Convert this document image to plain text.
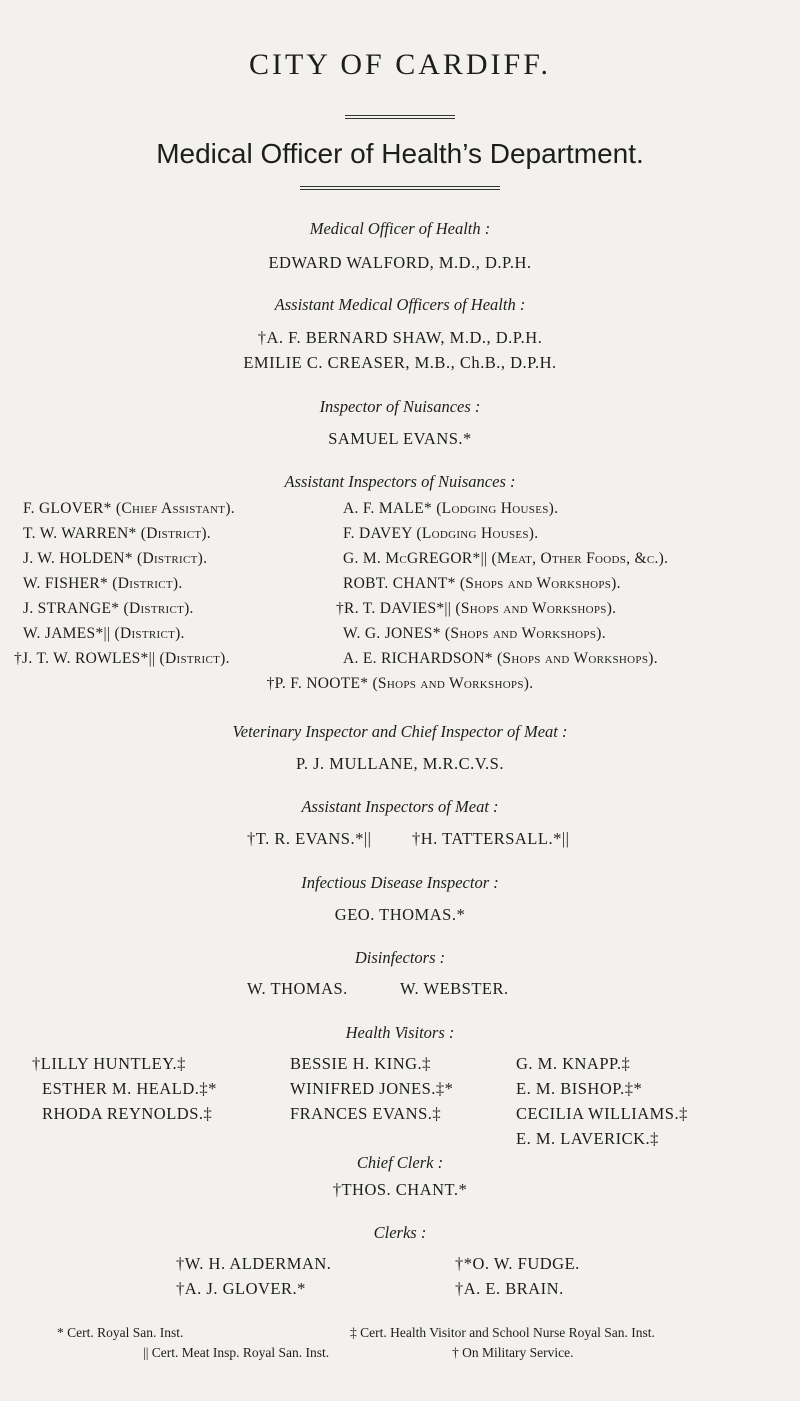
CITY OF CARDIFF.
Medical Officer of Health’s Department.
Medical Officer of Health :
EDWARD WALFORD, M.D., D.P.H.
Assistant Medical Officers of Health :
†A. F. BERNARD SHAW, M.D., D.P.H.
EMILIE C. CREASER, M.B., Ch.B., D.P.H.
Inspector of Nuisances :
SAMUEL EVANS.*
Assistant Inspectors of Nuisances :
F. GLOVER* (Chief Assistant).
T. W. WARREN* (District).
J. W. HOLDEN* (District).
W. FISHER* (District).
J. STRANGE* (District).
W. JAMES*|| (District).
†J. T. W. ROWLES*|| (District).
A. F. MALE* (Lodging Houses).
F. DAVEY (Lodging Houses).
G. M. McGREGOR*|| (Meat, Other Foods, &c.).
ROBT. CHANT* (Shops and Workshops).
†R. T. DAVIES*|| (Shops and Workshops).
W. G. JONES* (Shops and Workshops).
A. E. RICHARDSON* (Shops and Workshops).
†P. F. NOOTE* (Shops and Workshops).
Veterinary Inspector and Chief Inspector of Meat :
P. J. MULLANE, M.R.C.V.S.
Assistant Inspectors of Meat :
†T. R. EVANS.*|| †H. TATTERSALL.*||
Infectious Disease Inspector :
GEO. THOMAS.*
Disinfectors :
W. THOMAS.	W. WEBSTER.
Health Visitors :
†LILLY HUNTLEY.‡
ESTHER M. HEALD.‡*
RHODA REYNOLDS.‡
BESSIE H. KING.‡
WINIFRED JONES.‡*
FRANCES EVANS.‡
G. M. KNAPP.‡
E. M. BISHOP.‡*
CECILIA WILLIAMS.‡
E. M. LAVERICK.‡
Chief Clerk :
†THOS. CHANT.*
Clerks :
†W. H. ALDERMAN.
†A. J. GLOVER.*
†*O. W. FUDGE.
†A. E. BRAIN.
* Cert. Royal San. Inst.	‡ Cert. Health Visitor and School Nurse Royal San. Inst.
|| Cert. Meat Insp. Royal San. Inst.	† On Military Service.
